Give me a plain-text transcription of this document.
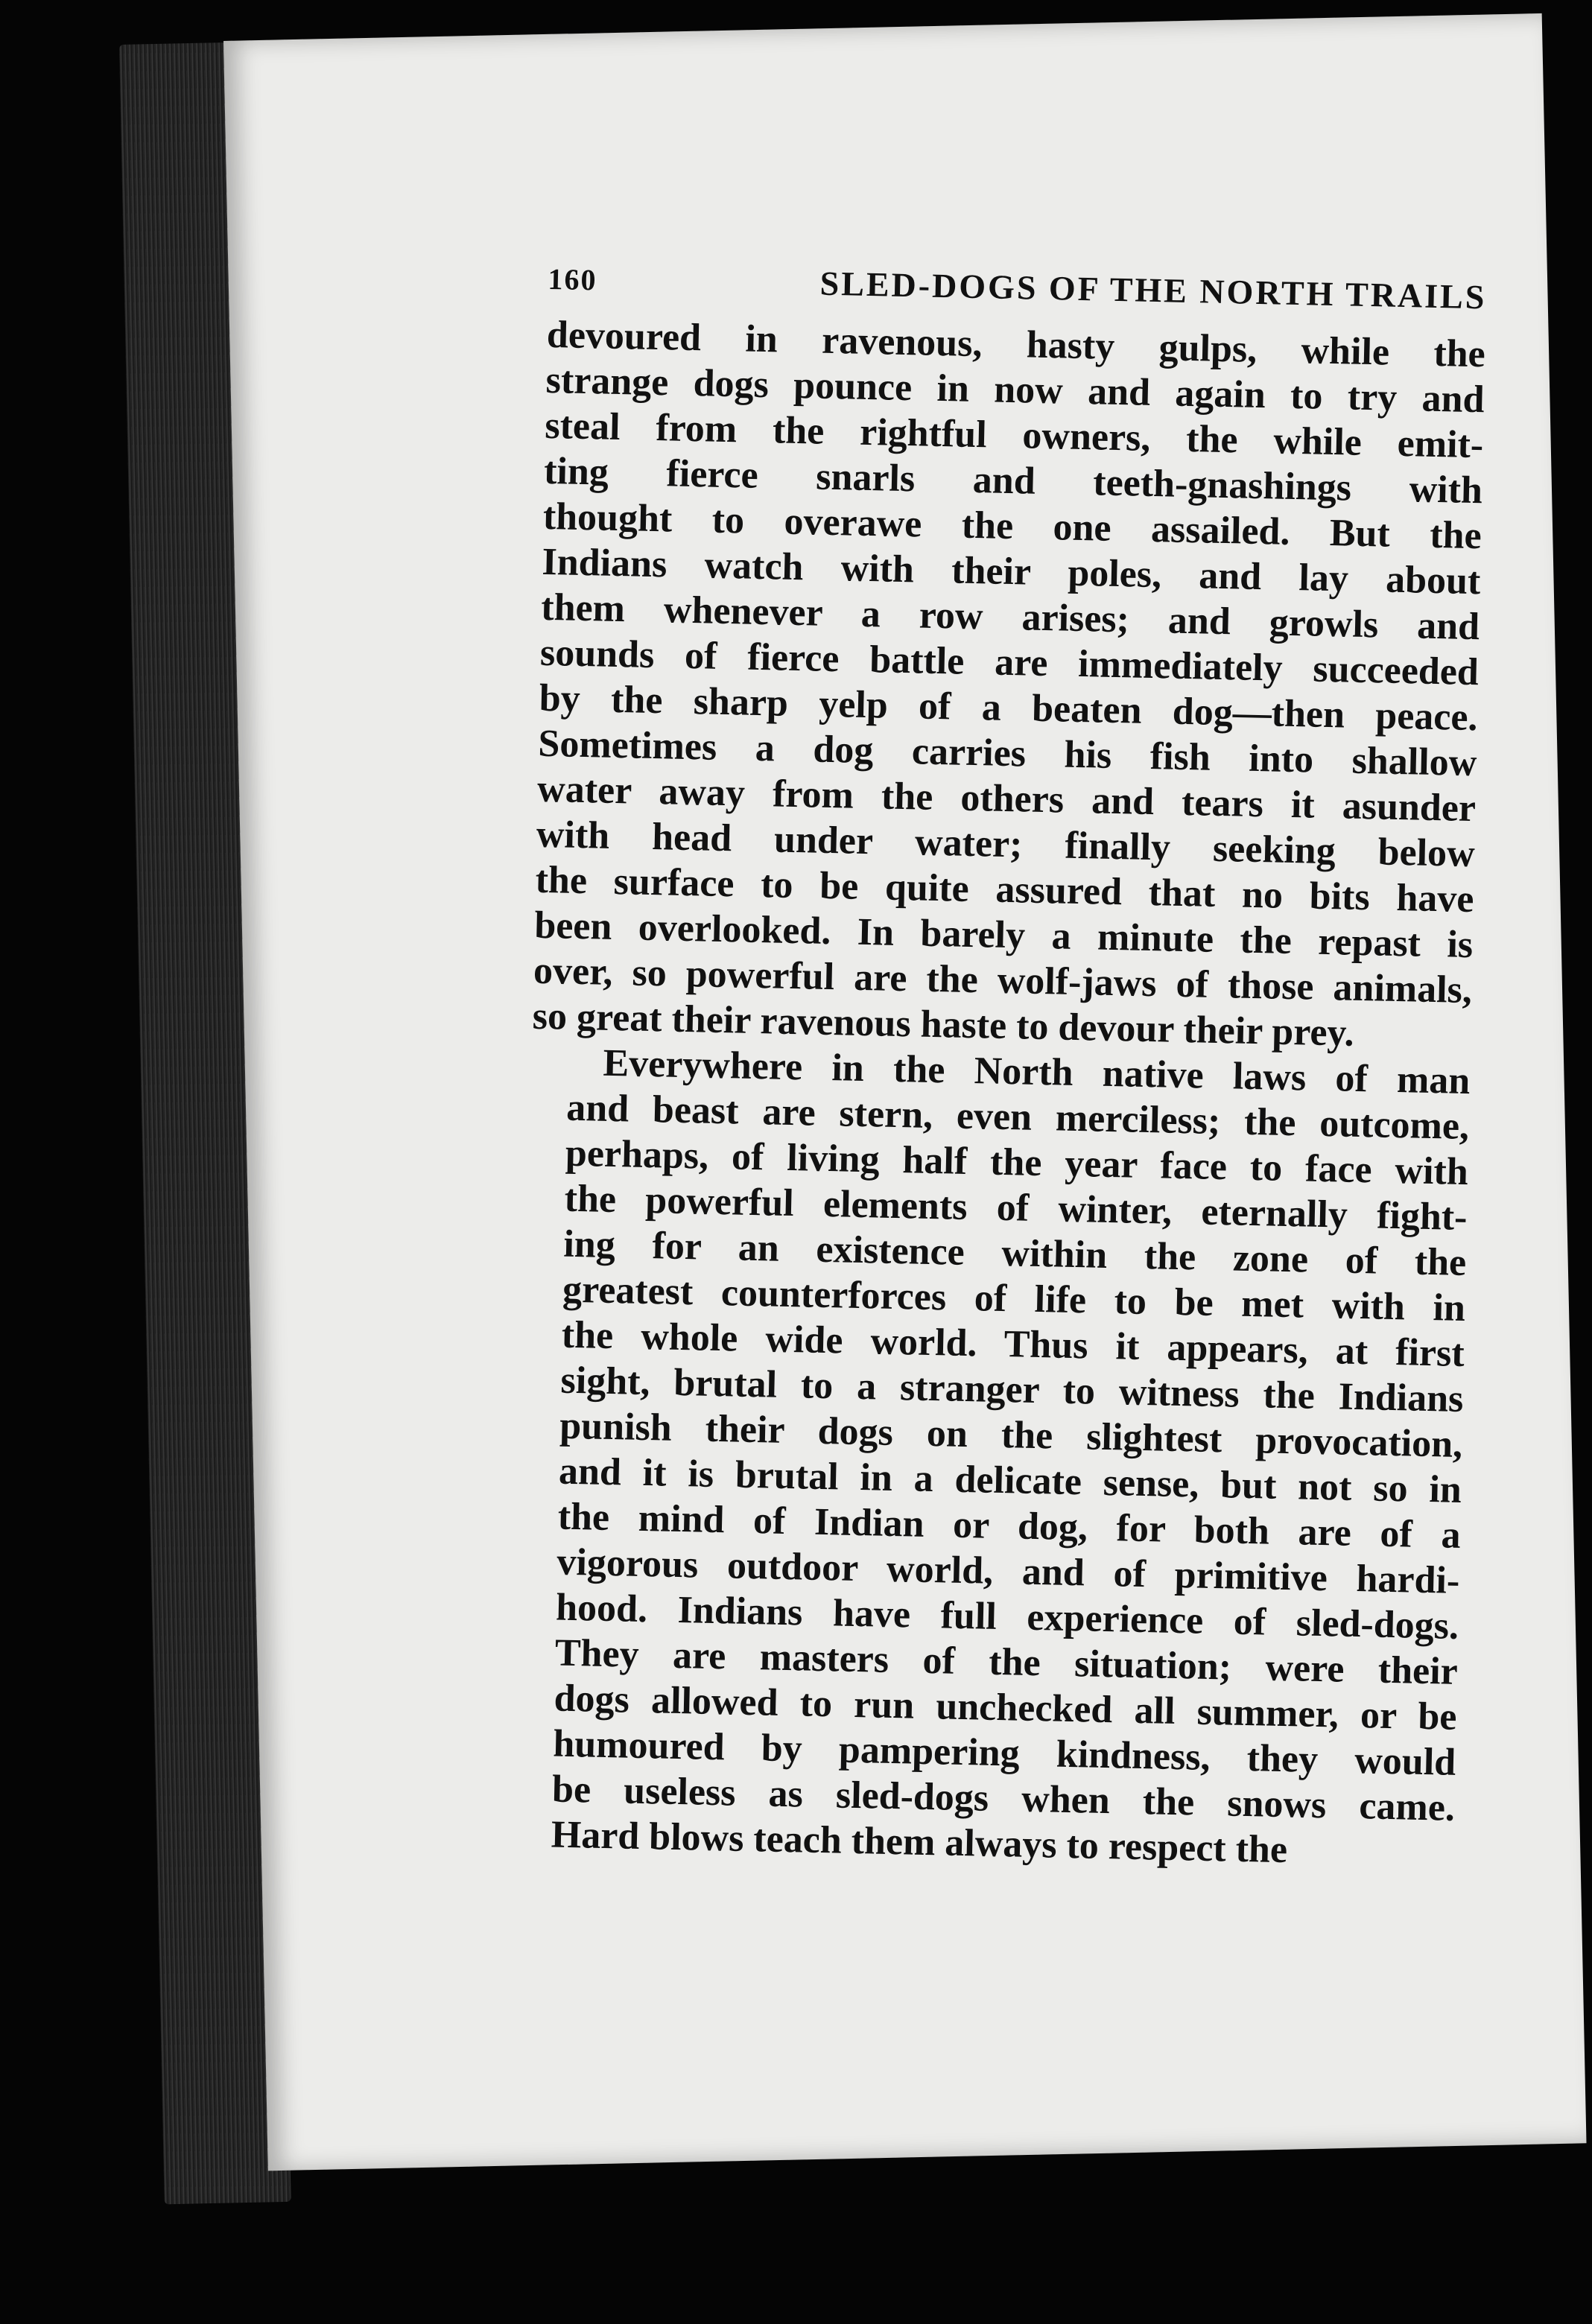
160	SLED-DOGS OF THE NORTH TRAILS

devoured in ravenous, hasty gulps, while the
strange dogs pounce in now and again to try and
steal from the rightful owners, the while emit-
ting fierce snarls and teeth-gnashings with
thought to overawe the one assailed. But the
Indians watch with their poles, and lay about
them whenever a row arises; and growls and
sounds of fierce battle are immediately succeeded
by the sharp yelp of a beaten dog—then peace.
Sometimes a dog carries his fish into shallow
water away from the others and tears it asunder
with head under water; finally seeking below
the surface to be quite assured that no bits have
been overlooked. In barely a minute the repast is
over, so powerful are the wolf-jaws of those animals,
so great their ravenous haste to devour their prey.

Everywhere in the North native laws of man
and beast are stern, even merciless; the outcome,
perhaps, of living half the year face to face with
the powerful elements of winter, eternally fight-
ing for an existence within the zone of the
greatest counterforces of life to be met with in
the whole wide world. Thus it appears, at first
sight, brutal to a stranger to witness the Indians
punish their dogs on the slightest provocation,
and it is brutal in a delicate sense, but not so in
the mind of Indian or dog, for both are of a
vigorous outdoor world, and of primitive hardi-
hood. Indians have full experience of sled-dogs.
They are masters of the situation; were their
dogs allowed to run unchecked all summer, or be
humoured by pampering kindness, they would
be useless as sled-dogs when the snows came.
Hard blows teach them always to respect the
